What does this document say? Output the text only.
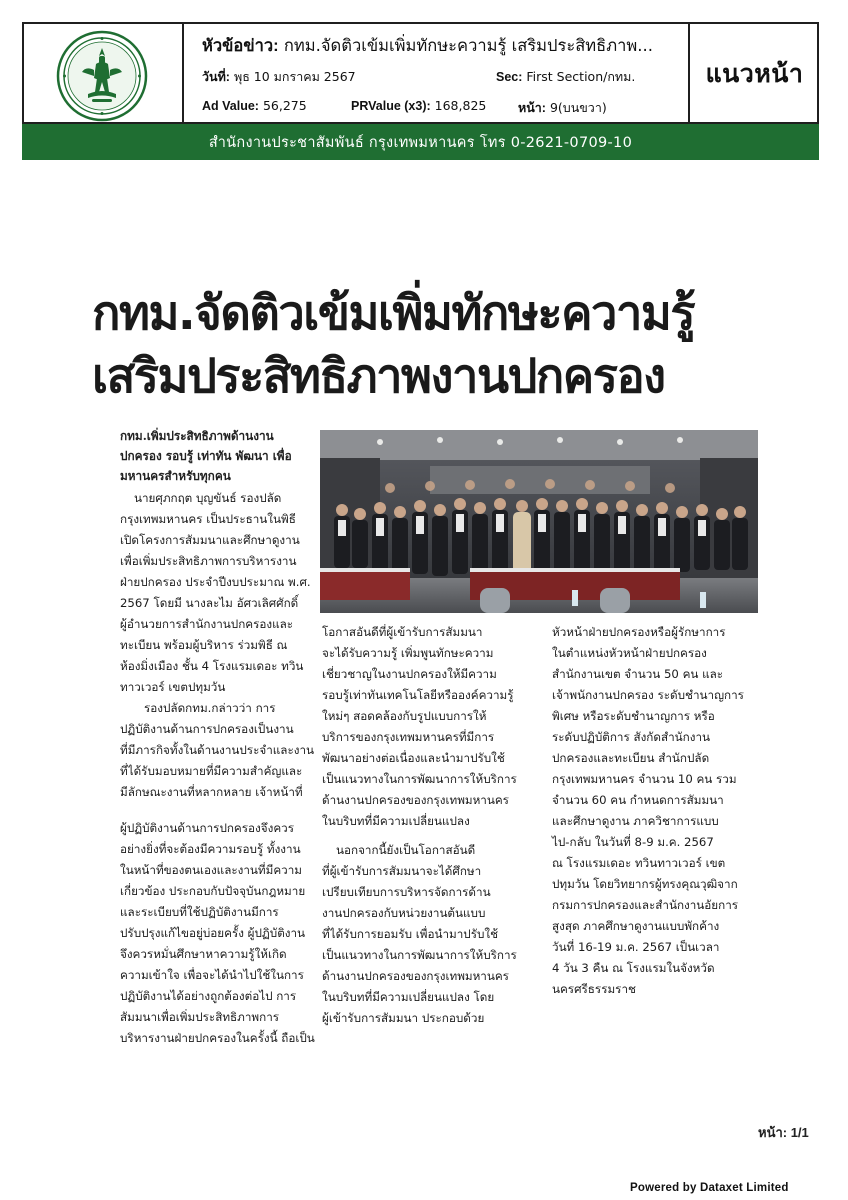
หัวข้อข่าว: กทม.จัดติวเข้มเพิ่มทักษะความรู้ เสริมประสิทธิภาพ...
วันที่: พุธ 10 มกราคม 2567	Sec: First Section/กทม.
Ad Value: 56,275	PRValue (x3): 168,825	หน้า: 9(บนขวา)
แนวหน้า
สำนักงานประชาสัมพันธ์ กรุงเทพมหานคร โทร 0-2621-0709-10
กทม.จัดติวเข้มเพิ่มทักษะความรู้
เสริมประสิทธิภาพงานปกครอง
กทม.เพิ่มประสิทธิภาพด้านงาน
ปกครอง รอบรู้ เท่าทัน พัฒนา เพื่อ
มหานครสำหรับทุกคน

นายศุภกฤต บุญขันธ์ รองปลัด

กรุงเทพมหานคร เป็นประธานในพิธี

เปิดโครงการสัมมนาและศึกษาดูงาน

เพื่อเพิ่มประสิทธิภาพการบริหารงาน

ฝ่ายปกครอง ประจำปีงบประมาณ พ.ศ.

2567 โดยมี นางละไม อัศวเลิศศักดิ์

ผู้อำนวยการสำนักงานปกครองและ

ทะเบียน พร้อมผู้บริหาร ร่วมพิธี ณ

ห้องมิ่งเมือง ชั้น 4 โรงแรมเดอะ ทวิน

ทาวเวอร์ เขตปทุมวัน

รองปลัดกทม.กล่าวว่า การ

ปฏิบัติงานด้านการปกครองเป็นงาน

ที่มีภารกิจทั้งในด้านงานประจำและงาน

ที่ได้รับมอบหมายที่มีความสำคัญและ

มีลักษณะงานที่หลากหลาย เจ้าหน้าที่

ผู้ปฏิบัติงานด้านการปกครองจึงควร

อย่างยิ่งที่จะต้องมีความรอบรู้ ทั้งงาน

ในหน้าที่ของตนเองและงานที่มีความ

เกี่ยวข้อง ประกอบกับปัจจุบันกฎหมาย

และระเบียบที่ใช้ปฏิบัติงานมีการ

ปรับปรุงแก้ไขอยู่บ่อยครั้ง ผู้ปฏิบัติงาน

จึงควรหมั่นศึกษาหาความรู้ให้เกิด

ความเข้าใจ เพื่อจะได้นำไปใช้ในการ

ปฏิบัติงานได้อย่างถูกต้องต่อไป การ

สัมมนาเพื่อเพิ่มประสิทธิภาพการ

บริหารงานฝ่ายปกครองในครั้งนี้ ถือเป็น

โอกาสอันดีที่ผู้เข้ารับการสัมมนา

จะได้รับความรู้ เพิ่มพูนทักษะความ

เชี่ยวชาญในงานปกครองให้มีความ

รอบรู้เท่าทันเทคโนโลยีหรือองค์ความรู้

ใหม่ๆ สอดคล้องกับรูปแบบการให้

บริการของกรุงเทพมหานครที่มีการ

พัฒนาอย่างต่อเนื่องและนำมาปรับใช้

เป็นแนวทางในการพัฒนาการให้บริการ

ด้านงานปกครองของกรุงเทพมหานคร

ในบริบทที่มีความเปลี่ยนแปลง

นอกจากนี้ยังเป็นโอกาสอันดี

ที่ผู้เข้ารับการสัมมนาจะได้ศึกษา

เปรียบเทียบการบริหารจัดการด้าน

งานปกครองกับหน่วยงานต้นแบบ

ที่ได้รับการยอมรับ เพื่อนำมาปรับใช้

เป็นแนวทางในการพัฒนาการให้บริการ

ด้านงานปกครองของกรุงเทพมหานคร

ในบริบทที่มีความเปลี่ยนแปลง โดย

ผู้เข้ารับการสัมมนา ประกอบด้วย

หัวหน้าฝ่ายปกครองหรือผู้รักษาการ

ในตำแหน่งหัวหน้าฝ่ายปกครอง

สำนักงานเขต จำนวน 50 คน และ

เจ้าพนักงานปกครอง ระดับชำนาญการ

พิเศษ หรือระดับชำนาญการ หรือ

ระดับปฏิบัติการ สังกัดสำนักงาน

ปกครองและทะเบียน สำนักปลัด

กรุงเทพมหานคร จำนวน 10 คน รวม

จำนวน 60 คน กำหนดการสัมมนา

และศึกษาดูงาน ภาควิชาการแบบ

ไป-กลับ ในวันที่ 8-9 ม.ค. 2567

ณ โรงแรมเดอะ ทวินทาวเวอร์ เขต

ปทุมวัน โดยวิทยากรผู้ทรงคุณวุฒิจาก

กรมการปกครองและสำนักงานอัยการ

สูงสุด ภาคศึกษาดูงานแบบพักค้าง

วันที่ 16-19 ม.ค. 2567 เป็นเวลา

4 วัน 3 คืน ณ โรงแรมในจังหวัด

นครศรีธรรมราช

หน้า: 1/1
Powered by Dataxet Limited
